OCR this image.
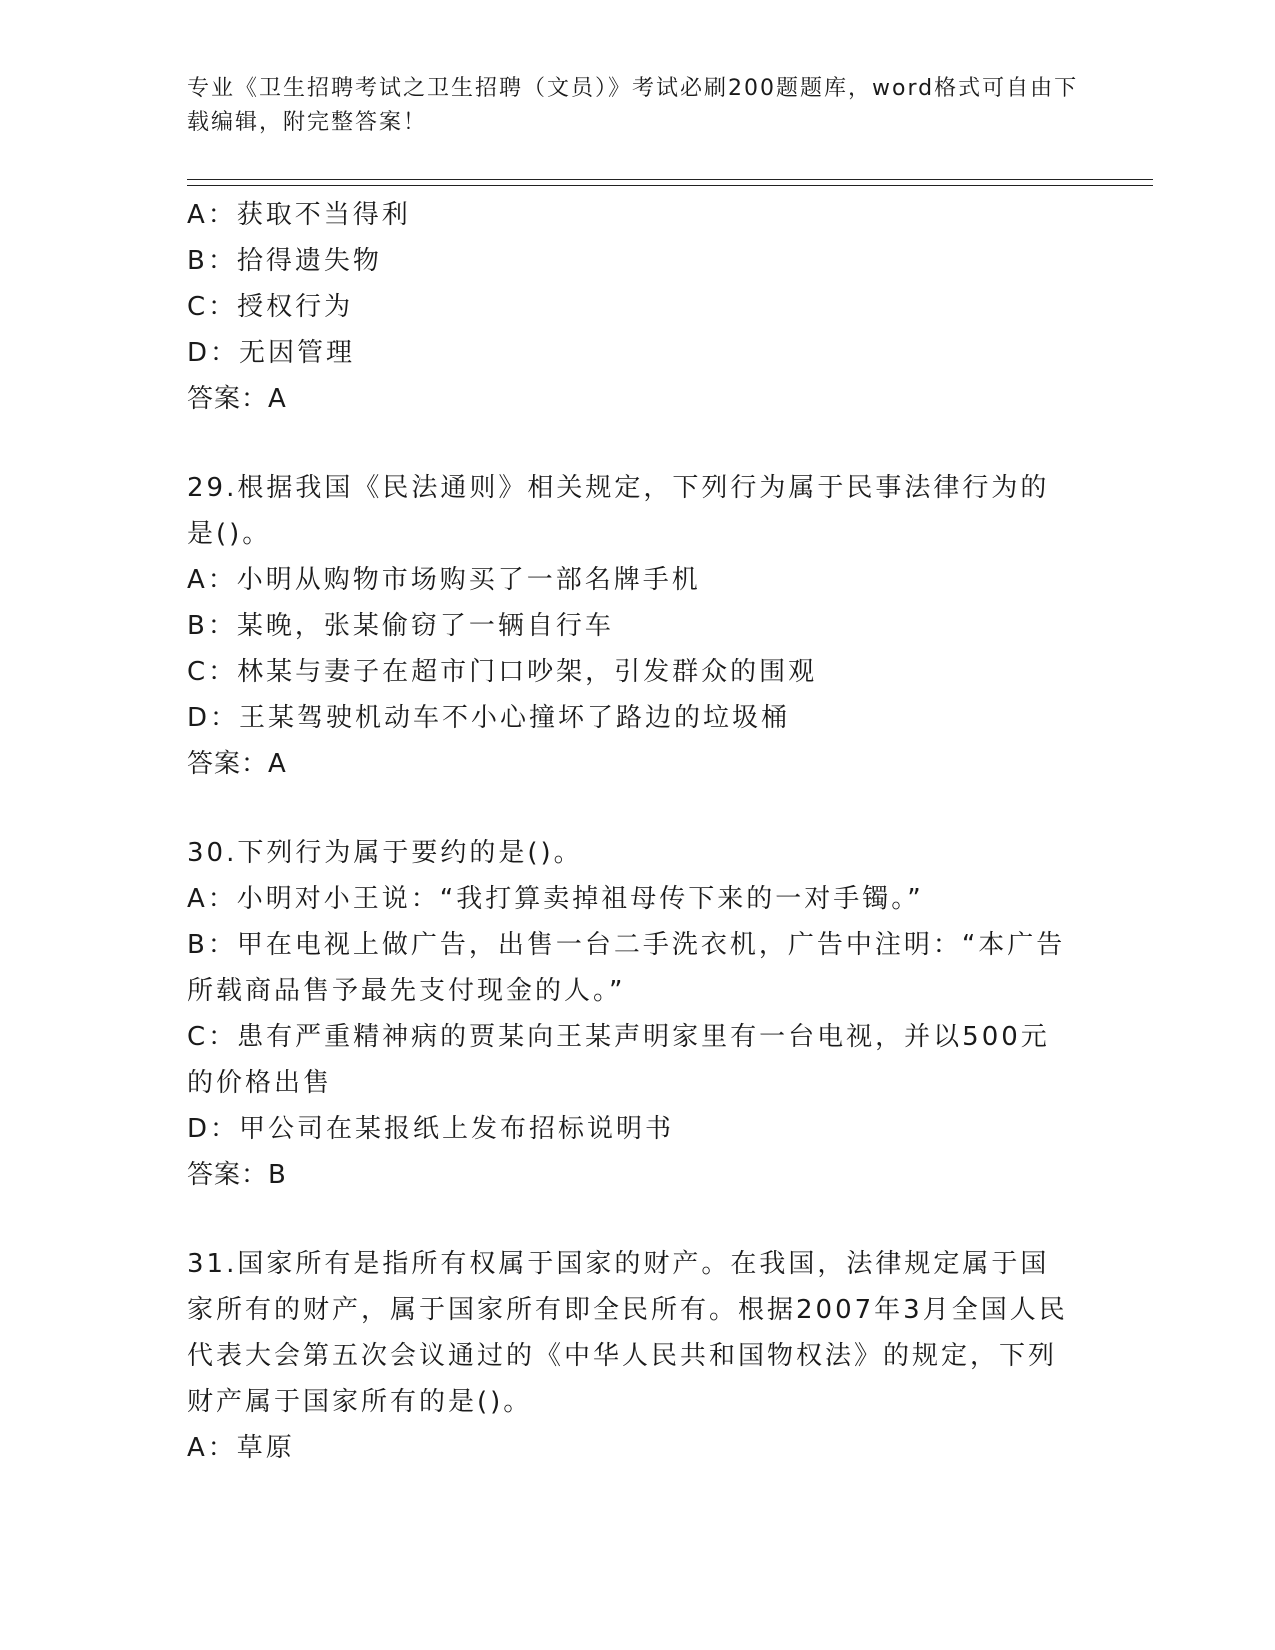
专业《卫生招聘考试之卫生招聘（文员）》考试必刷200题题库，word格式可自由下载编辑，附完整答案！
A：获取不当得利
B：拾得遗失物
C：授权行为
D：无因管理
答案：A
29.根据我国《民法通则》相关规定，下列行为属于民事法律行为的是()。
A：小明从购物市场购买了一部名牌手机
B：某晚，张某偷窃了一辆自行车
C：林某与妻子在超市门口吵架，引发群众的围观
D：王某驾驶机动车不小心撞坏了路边的垃圾桶
答案：A
30.下列行为属于要约的是()。
A：小明对小王说：“我打算卖掉祖母传下来的一对手镯。”
B：甲在电视上做广告，出售一台二手洗衣机，广告中注明：“本广告所载商品售予最先支付现金的人。”
C：患有严重精神病的贾某向王某声明家里有一台电视，并以500元的价格出售
D：甲公司在某报纸上发布招标说明书
答案：B
31.国家所有是指所有权属于国家的财产。在我国，法律规定属于国家所有的财产，属于国家所有即全民所有。根据2007年3月全国人民代表大会第五次会议通过的《中华人民共和国物权法》的规定，下列财产属于国家所有的是()。
A：草原
